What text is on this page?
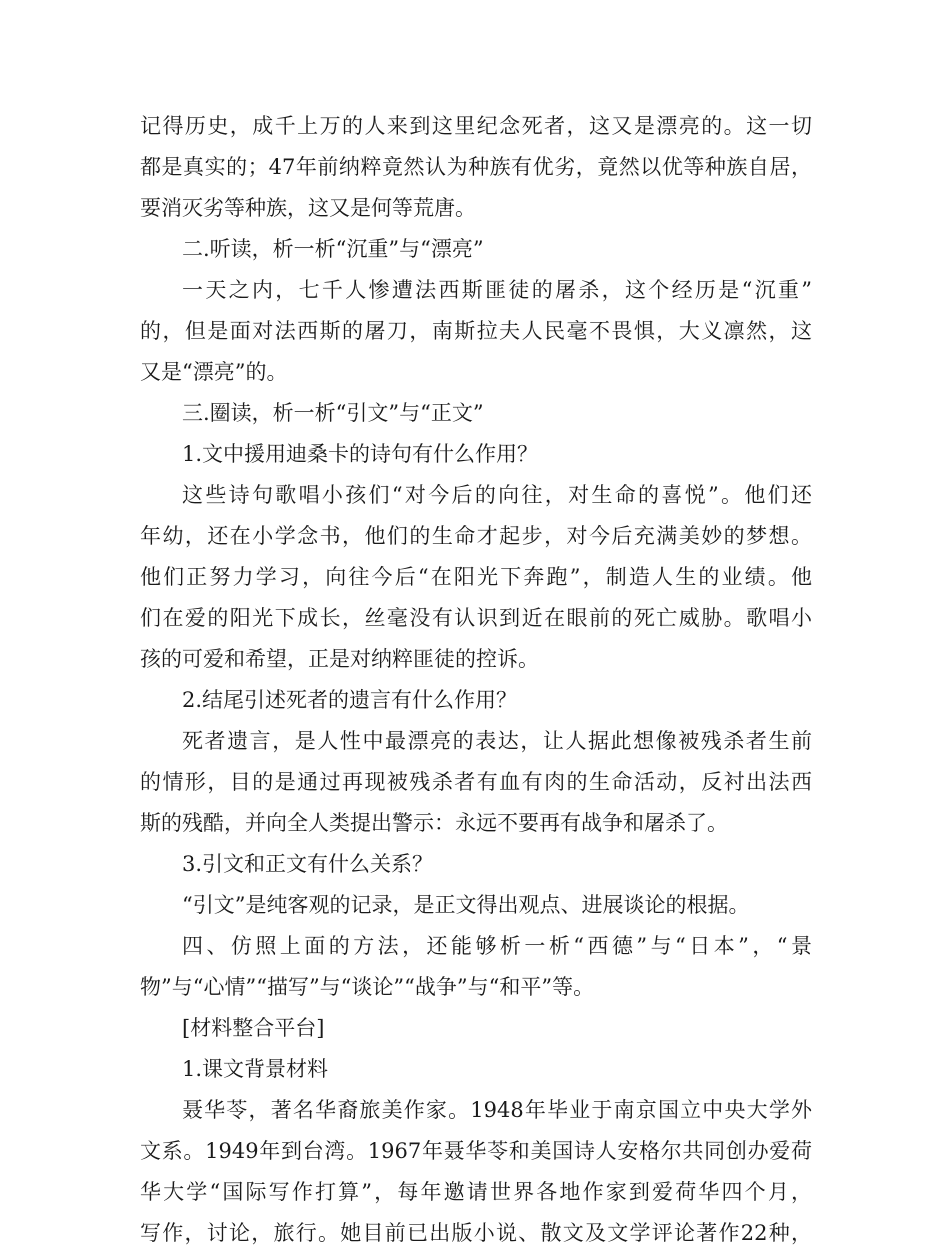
记得历史，成千上万的人来到这里纪念死者，这又是漂亮的。这一切
都是真实的；47年前纳粹竟然认为种族有优劣，竟然以优等种族自居，
要消灭劣等种族，这又是何等荒唐。
二.听读，析一析“沉重”与“漂亮”
一天之内，七千人惨遭法西斯匪徒的屠杀，这个经历是“沉重”
的，但是面对法西斯的屠刀，南斯拉夫人民毫不畏惧，大义凛然，这
又是“漂亮”的。
三.圈读，析一析“引文”与“正文”
1.文中援用迪桑卡的诗句有什么作用？
这些诗句歌唱小孩们“对今后的向往，对生命的喜悦”。他们还
年幼，还在小学念书，他们的生命才起步，对今后充满美妙的梦想。
他们正努力学习，向往今后“在阳光下奔跑”，制造人生的业绩。他
们在爱的阳光下成长，丝毫没有认识到近在眼前的死亡威胁。歌唱小
孩的可爱和希望，正是对纳粹匪徒的控诉。
2.结尾引述死者的遗言有什么作用？
死者遗言，是人性中最漂亮的表达，让人据此想像被残杀者生前
的情形，目的是通过再现被残杀者有血有肉的生命活动，反衬出法西
斯的残酷，并向全人类提出警示：永远不要再有战争和屠杀了。
3.引文和正文有什么关系？
“引文”是纯客观的记录，是正文得出观点、进展谈论的根据。
四、仿照上面的方法，还能够析一析“西德”与“日本”，“景
物”与“心情”“描写”与“谈论”“战争”与“和平”等。
[材料整合平台]
1.课文背景材料
聂华苓，著名华裔旅美作家。1948年毕业于南京国立中央大学外
文系。1949年到台湾。1967年聂华苓和美国诗人安格尔共同创办爱荷
华大学“国际写作打算”，每年邀请世界各地作家到爱荷华四个月，
写作，讨论，旅行。她目前已出版小说、散文及文学评论著作22种，
